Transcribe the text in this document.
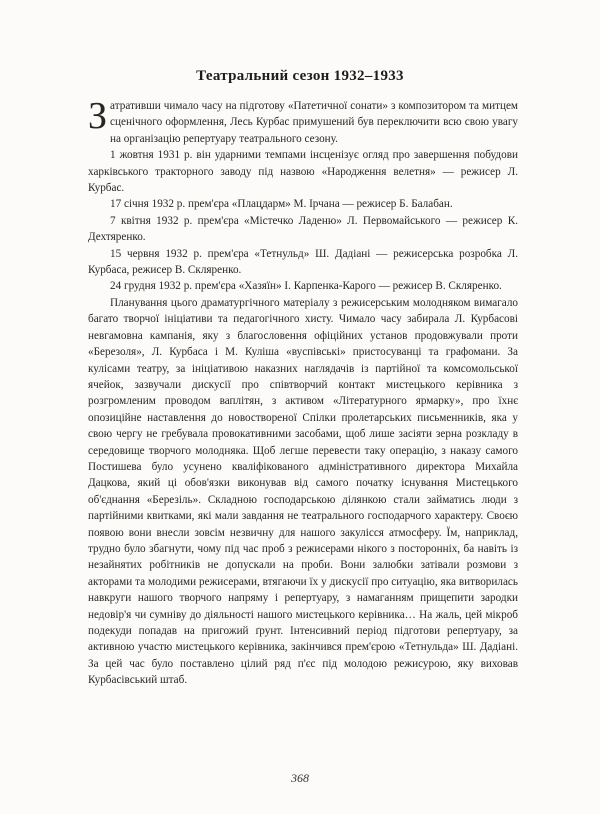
Театральний сезон 1932–1933

Затративши чимало часу на підготову «Патетичної сонати» з композитором та митцем сценічного оформлення, Лесь Курбас примушений був переключити всю свою увагу на організацію репертуару театрального сезону.

1 жовтня 1931 р. він ударними темпами інсценізує огляд про завершення побудови харківського тракторного заводу під назвою «Народження велетня» — режисер Л. Курбас.

17 січня 1932 р. прем'єра «Плацдарм» М. Ірчана — режисер Б. Балабан.

7 квітня 1932 р. прем'єра «Містечко Ладеню» Л. Первомайського — режисер К. Дехтяренко.

15 червня 1932 р. прем'єра «Тетнульд» Ш. Дадіані — режисерська розробка Л. Курбаса, режисер В. Скляренко.

24 грудня 1932 р. прем'єра «Хазяїн» І. Карпенка-Карого — режисер В. Скляренко.

Планування цього драматургічного матеріалу з режисерським молодняком вимагало багато творчої ініціативи та педагогічного хисту. Чимало часу забирала Л. Курбасові невгамовна кампанія, яку з благословення офіційних установ продовжували проти «Березоля», Л. Курбаса і М. Куліша «вуспівські» пристосуванці та графомани. За кулісами театру, за ініціативою наказних наглядачів із партійної та комсомольської ячейок, зазвучали дискусії про співтворчий контакт мистецького керівника з розгромленим проводом ваплітян, з активом «Літературного ярмарку», про їхнє опозиційне наставлення до новоствореної Спілки пролетарських письменників, яка у свою чергу не гребувала провокативними засобами, щоб лише засіяти зерна розкладу в середовище творчого молодняка. Щоб легше перевести таку операцію, з наказу самого Постишева було усунено кваліфікованого адміністративного директора Михайла Дацкова, який ці обов'язки виконував від самого початку існування Мистецького об'єднання «Березіль». Складною господарською ділянкою стали займатись люди з партійними квитками, які мали завдання не театрального господарчого характеру. Своєю появою вони внесли зовсім незвичну для нашого закулісся атмосферу. Їм, наприклад, трудно було збагнути, чому під час проб з режисерами нікого з посторонніх, ба навіть із незайнятих робітників не допускали на проби. Вони залюбки затівали розмови з акторами та молодими режисерами, втягаючи їх у дискусії про ситуацію, яка витворилась навкруги нашого творчого напряму і репертуару, з намаганням прищепити зародки недовір'я чи сумніву до діяльності нашого мистецького керівника… На жаль, цей мікроб подекуди попадав на пригожий ґрунт. Інтенсивний період підготови репертуару, за активною участю мистецького керівника, закінчився прем'єрою «Тетнульда» Ш. Дадіані. За цей час було поставлено цілий ряд п'єс під молодою режисурою, яку виховав Курбасівський штаб.

368
